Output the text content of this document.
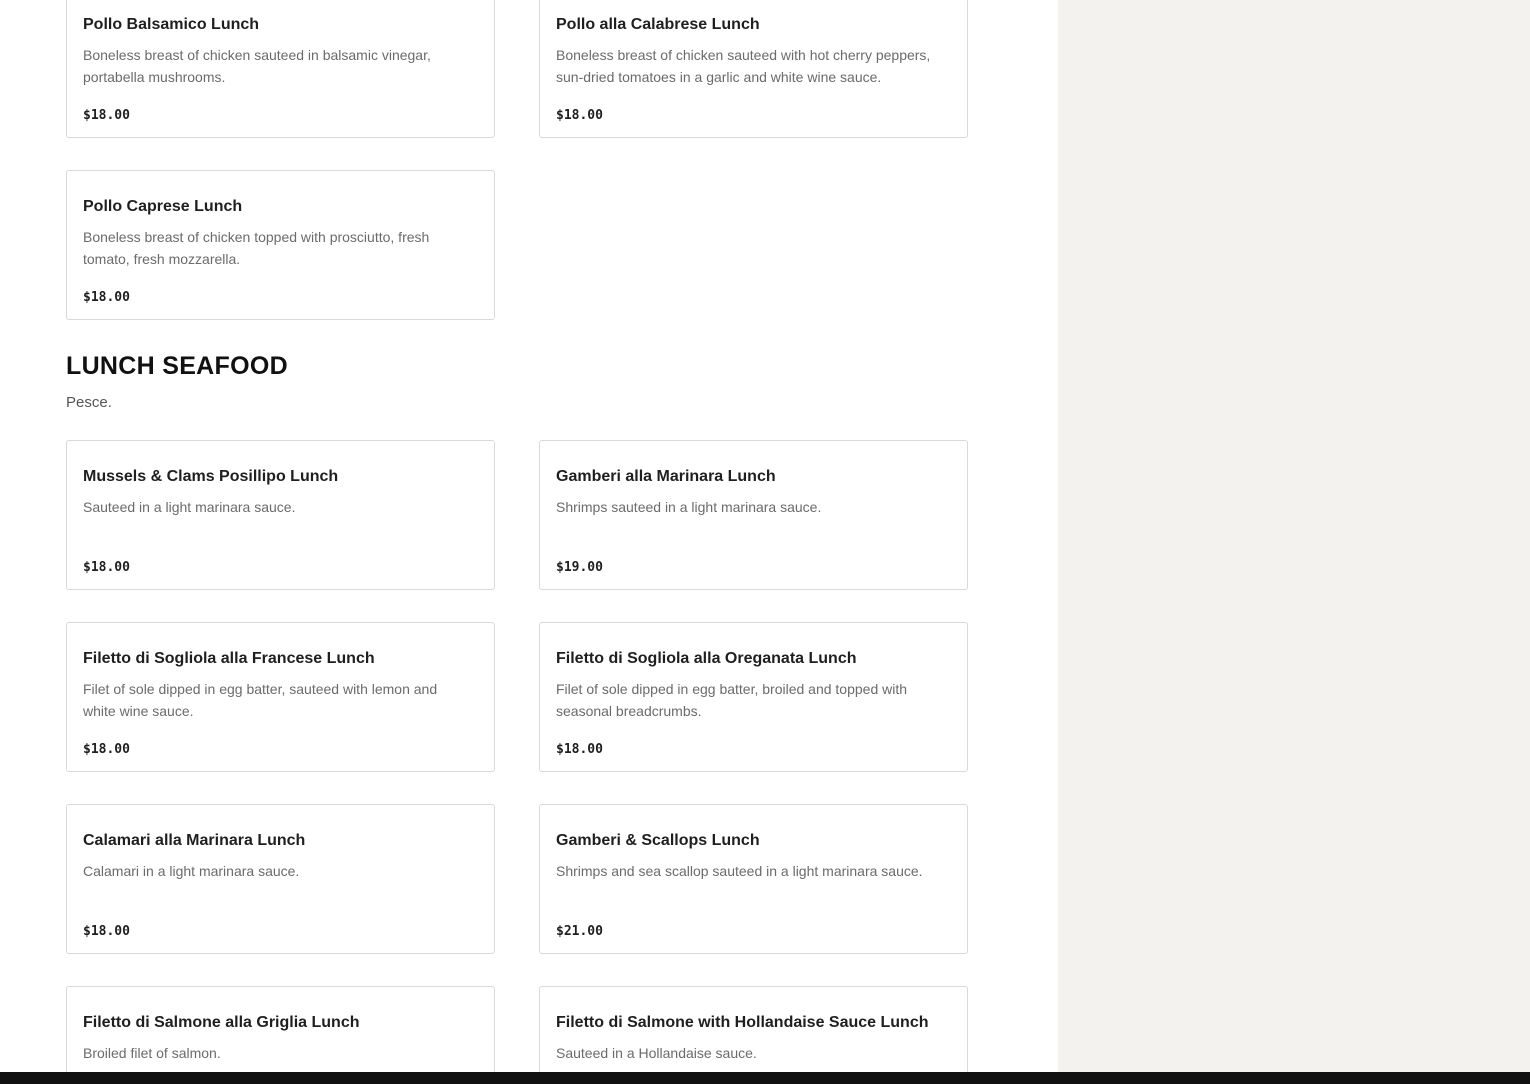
Pollo Balsamico Lunch

Boneless breast of chicken sauteed in balsamic vinegar, portabella mushrooms.

$18.00

Pollo alla Calabrese Lunch

Boneless breast of chicken sauteed with hot cherry peppers, sun-dried tomatoes in a garlic and white wine sauce.

$18.00

Pollo Caprese Lunch

Boneless breast of chicken topped with prosciutto, fresh tomato, fresh mozzarella.

$18.00

LUNCH SEAFOOD

Pesce.

Mussels & Clams Posillipo Lunch

Sauteed in a light marinara sauce.

$18.00

Gamberi alla Marinara Lunch

Shrimps sauteed in a light marinara sauce.

$19.00

Filetto di Sogliola alla Francese Lunch

Filet of sole dipped in egg batter, sauteed with lemon and white wine sauce.

$18.00

Filetto di Sogliola alla Oreganata Lunch

Filet of sole dipped in egg batter, broiled and topped with seasonal breadcrumbs.

$18.00

Calamari alla Marinara Lunch

Calamari in a light marinara sauce.

$18.00

Gamberi & Scallops Lunch

Shrimps and sea scallop sauteed in a light marinara sauce.

$21.00

Filetto di Salmone alla Griglia Lunch

Broiled filet of salmon.

Filetto di Salmone with Hollandaise Sauce Lunch

Sauteed in a Hollandaise sauce.
